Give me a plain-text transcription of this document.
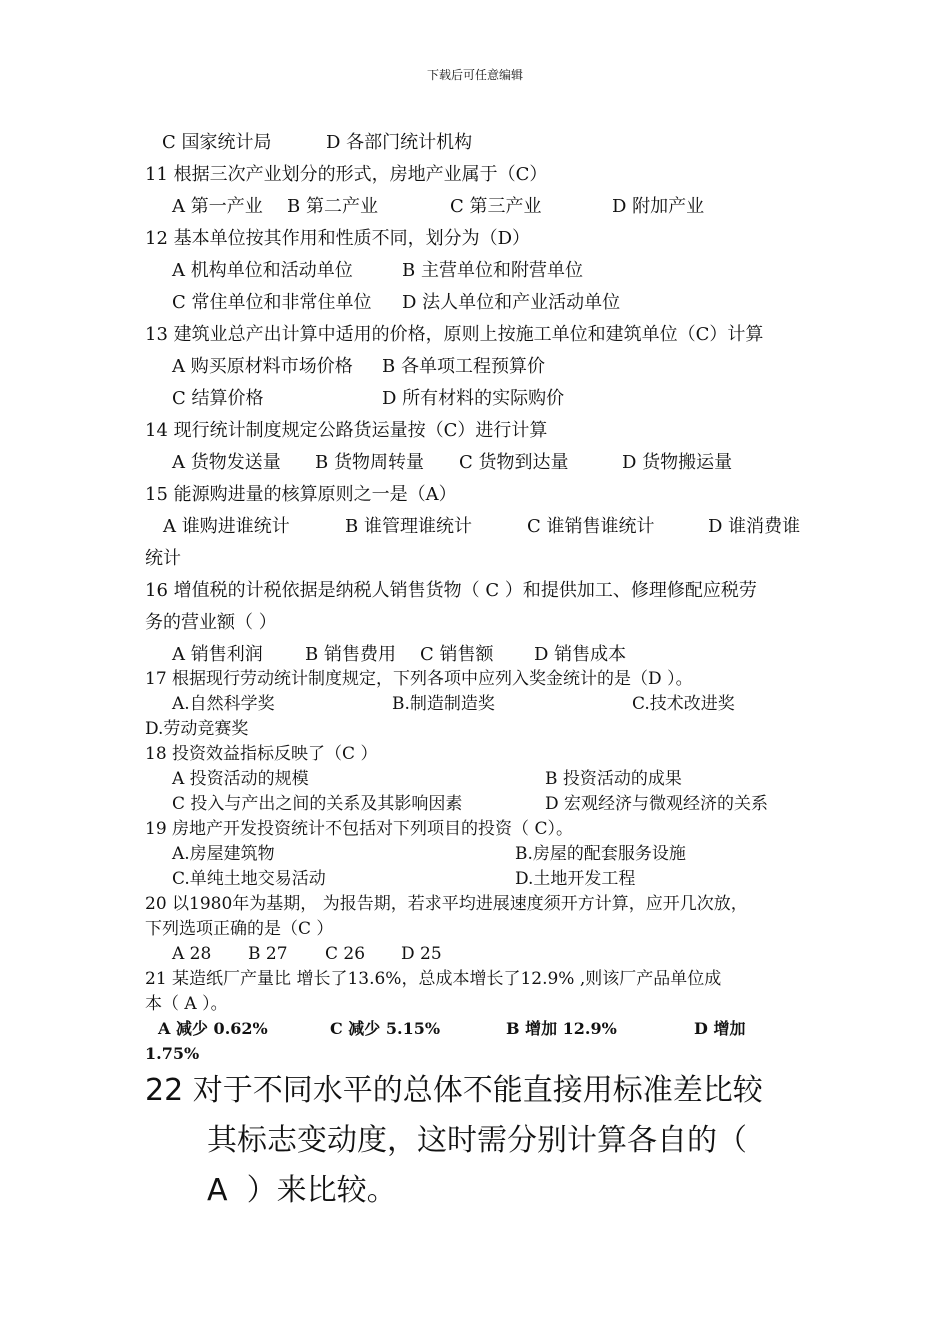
下载后可任意编辑
C 国家统计局	D 各部门统计机构
11 根据三次产业划分的形式，房地产业属于（C）
A 第一产业 B 第二产业	C 第三产业	D 附加产业
12 基本单位按其作用和性质不同，划分为（D）
A 机构单位和活动单位	B 主营单位和附营单位
C 常住单位和非常住单位 D 法人单位和产业活动单位
13 建筑业总产出计算中适用的价格，原则上按施工单位和建筑单位（C）计算
A 购买原材料市场价格 B 各单项工程预算价
C 结算价格	D 所有材料的实际购价
14 现行统计制度规定公路货运量按（C）进行计算
A 货物发送量 B 货物周转量 C 货物到达量	D 货物搬运量
15 能源购进量的核算原则之一是（A）
A 谁购进谁统计	B 谁管理谁统计	C 谁销售谁统计	D 谁消费谁
统计
16 增值税的计税依据是纳税人销售货物（ C ）和提供加工、修理修配应税劳
务的营业额（ ）
A 销售利润 B 销售费用 C 销售额 D 销售成本
17 根据现行劳动统计制度规定，下列各项中应列入奖金统计的是（D ）。
A.自然科学奖	B.制造制造奖	C.技术改进奖
D.劳动竞赛奖
18 投资效益指标反映了（C ）
A 投资活动的规模	B 投资活动的成果
C 投入与产出之间的关系及其影响因素	D 宏观经济与微观经济的关系
19 房地产开发投资统计不包括对下列项目的投资（ C）。
A.房屋建筑物	B.房屋的配套服务设施
C.单纯土地交易活动	D.土地开发工程
20 以1980年为基期， 为报告期，若求平均进展速度须开方计算，应开几次放，
下列选项正确的是（C ）
A 28 B 27 C 26 D 25
21 某造纸厂产量比 增长了13.6%，总成本增长了12.9% ,则该厂产品单位成
本（ A ）。
A 减少 0.62%	C 减少 5.15%	B 增加 12.9%	D 增加
1.75%
22 对于不同水平的总体不能直接用标准差比较
其标志变动度，这时需分别计算各自的（
A  ）来比较。
